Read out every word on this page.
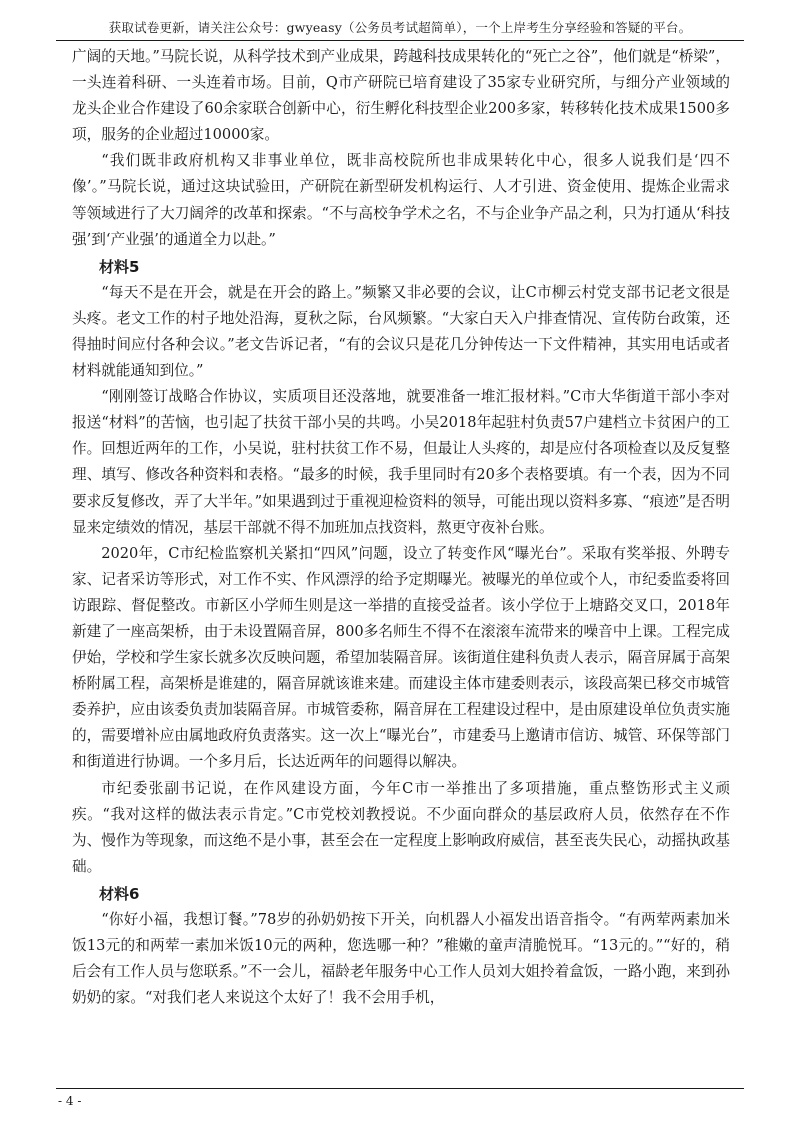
获取试卷更新，请关注公众号：gwyeasy（公务员考试超简单），一个上岸考生分享经验和答疑的平台。

广阔的天地。”马院长说，从科学技术到产业成果，跨越科技成果转化的“死亡之谷”，他们就是“桥梁”，一头连着科研、一头连着市场。目前，Q市产研院已培育建设了35家专业研究所，与细分产业领域的龙头企业合作建设了60余家联合创新中心，衍生孵化科技型企业200多家，转移转化技术成果1500多项，服务的企业超过10000家。

“我们既非政府机构又非事业单位，既非高校院所也非成果转化中心，很多人说我们是‘四不像’。”马院长说，通过这块试验田，产研院在新型研发机构运行、人才引进、资金使用、提炼企业需求等领域进行了大刀阔斧的改革和探索。“不与高校争学术之名，不与企业争产品之利，只为打通从‘科技强’到‘产业强’的通道全力以赴。”

材料5

“每天不是在开会，就是在开会的路上。”频繁又非必要的会议，让C市柳云村党支部书记老文很是头疼。老文工作的村子地处沿海，夏秋之际，台风频繁。“大家白天入户排查情况、宣传防台政策，还得抽时间应付各种会议。”老文告诉记者，“有的会议只是花几分钟传达一下文件精神，其实用电话或者材料就能通知到位。”

“刚刚签订战略合作协议，实质项目还没落地，就要准备一堆汇报材料。”C市大华街道干部小李对报送“材料”的苦恼，也引起了扶贫干部小吴的共鸣。小吴2018年起驻村负责57户建档立卡贫困户的工作。回想近两年的工作，小吴说，驻村扶贫工作不易，但最让人头疼的，却是应付各项检查以及反复整理、填写、修改各种资料和表格。“最多的时候，我手里同时有20多个表格要填。有一个表，因为不同要求反复修改，弄了大半年。”如果遇到过于重视迎检资料的领导，可能出现以资料多寡、“痕迹”是否明显来定绩效的情况，基层干部就不得不加班加点找资料，熬更守夜补台账。

2020年，C市纪检监察机关紧扣“四风”问题，设立了转变作风“曝光台”。采取有奖举报、外聘专家、记者采访等形式，对工作不实、作风漂浮的给予定期曝光。被曝光的单位或个人，市纪委监委将回访跟踪、督促整改。市新区小学师生则是这一举措的直接受益者。该小学位于上塘路交叉口，2018年新建了一座高架桥，由于未设置隔音屏，800多名师生不得不在滚滚车流带来的噪音中上课。工程完成伊始，学校和学生家长就多次反映问题，希望加装隔音屏。该街道住建科负责人表示，隔音屏属于高架桥附属工程，高架桥是谁建的，隔音屏就该谁来建。而建设主体市建委则表示，该段高架已移交市城管委养护，应由该委负责加装隔音屏。市城管委称，隔音屏在工程建设过程中，是由原建设单位负责实施的，需要增补应由属地政府负责落实。这一次上“曝光台”，市建委马上邀请市信访、城管、环保等部门和街道进行协调。一个多月后，长达近两年的问题得以解决。

市纪委张副书记说，在作风建设方面，今年C市一举推出了多项措施，重点整饬形式主义顽疾。“我对这样的做法表示肯定。”C市党校刘教授说。不少面向群众的基层政府人员，依然存在不作为、慢作为等现象，而这绝不是小事，甚至会在一定程度上影响政府威信，甚至丧失民心，动摇执政基础。

材料6

“你好小福，我想订餐。”78岁的孙奶奶按下开关，向机器人小福发出语音指令。“有两荤两素加米饭13元的和两荤一素加米饭10元的两种，您选哪一种？”稚嫩的童声清脆悦耳。“13元的。”“好的，稍后会有工作人员与您联系。”不一会儿，福龄老年服务中心工作人员刘大姐拎着盒饭，一路小跑，来到孙奶奶的家。“对我们老人来说这个太好了！我不会用手机，

- 4 -
